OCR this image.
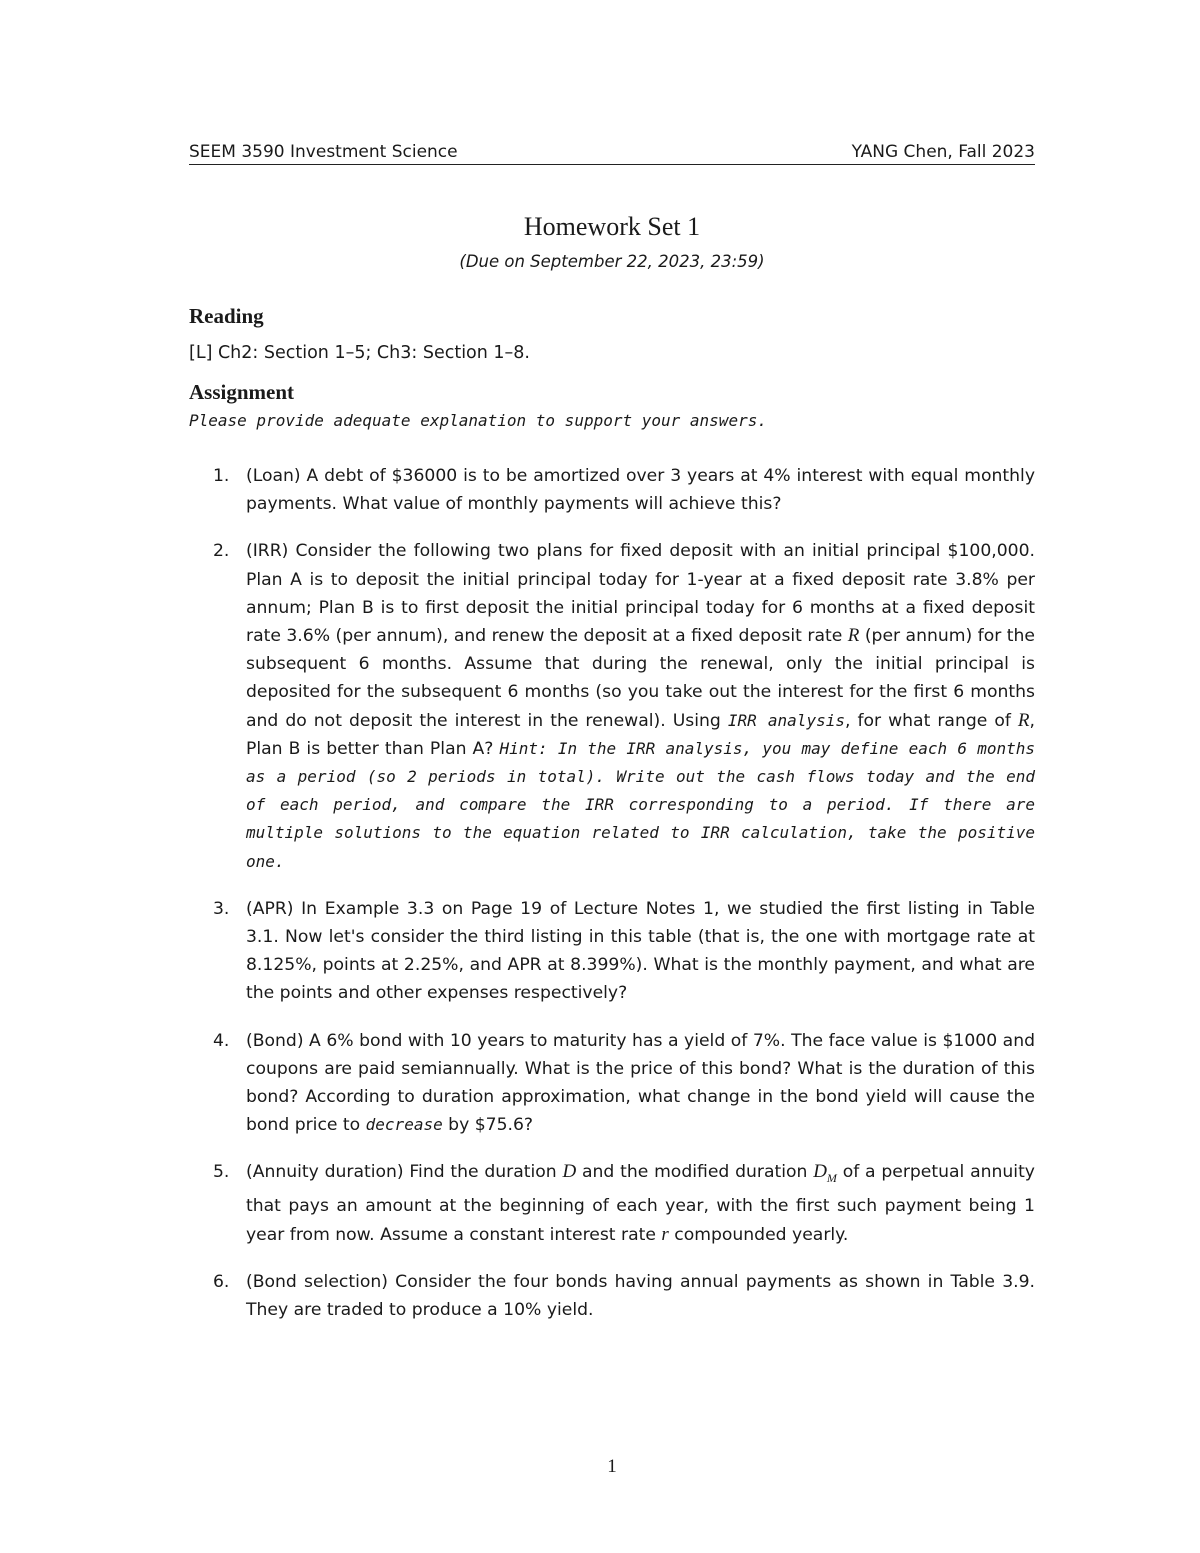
SEEM 3590 Investment Science	YANG Chen, Fall 2023
Homework Set 1
(Due on September 22, 2023, 23:59)
Reading
[L] Ch2: Section 1–5; Ch3: Section 1–8.
Assignment
Please provide adequate explanation to support your answers.
1. (Loan) A debt of $36000 is to be amortized over 3 years at 4% interest with equal monthly payments. What value of monthly payments will achieve this?
2. (IRR) Consider the following two plans for fixed deposit with an initial principal $100,000. Plan A is to deposit the initial principal today for 1-year at a fixed deposit rate 3.8% per annum; Plan B is to first deposit the initial principal today for 6 months at a fixed deposit rate 3.6% (per annum), and renew the deposit at a fixed deposit rate R (per annum) for the subsequent 6 months. Assume that during the renewal, only the initial principal is deposited for the subsequent 6 months (so you take out the interest for the first 6 months and do not deposit the interest in the renewal). Using IRR analysis, for what range of R, Plan B is better than Plan A? Hint: In the IRR analysis, you may define each 6 months as a period (so 2 periods in total). Write out the cash flows today and the end of each period, and compare the IRR corresponding to a period. If there are multiple solutions to the equation related to IRR calculation, take the positive one.
3. (APR) In Example 3.3 on Page 19 of Lecture Notes 1, we studied the first listing in Table 3.1. Now let's consider the third listing in this table (that is, the one with mortgage rate at 8.125%, points at 2.25%, and APR at 8.399%). What is the monthly payment, and what are the points and other expenses respectively?
4. (Bond) A 6% bond with 10 years to maturity has a yield of 7%. The face value is $1000 and coupons are paid semiannually. What is the price of this bond? What is the duration of this bond? According to duration approximation, what change in the bond yield will cause the bond price to decrease by $75.6?
5. (Annuity duration) Find the duration D and the modified duration $D_M$ of a perpetual annuity that pays an amount at the beginning of each year, with the first such payment being 1 year from now. Assume a constant interest rate r compounded yearly.
6. (Bond selection) Consider the four bonds having annual payments as shown in Table 3.9. They are traded to produce a 10% yield.
1
